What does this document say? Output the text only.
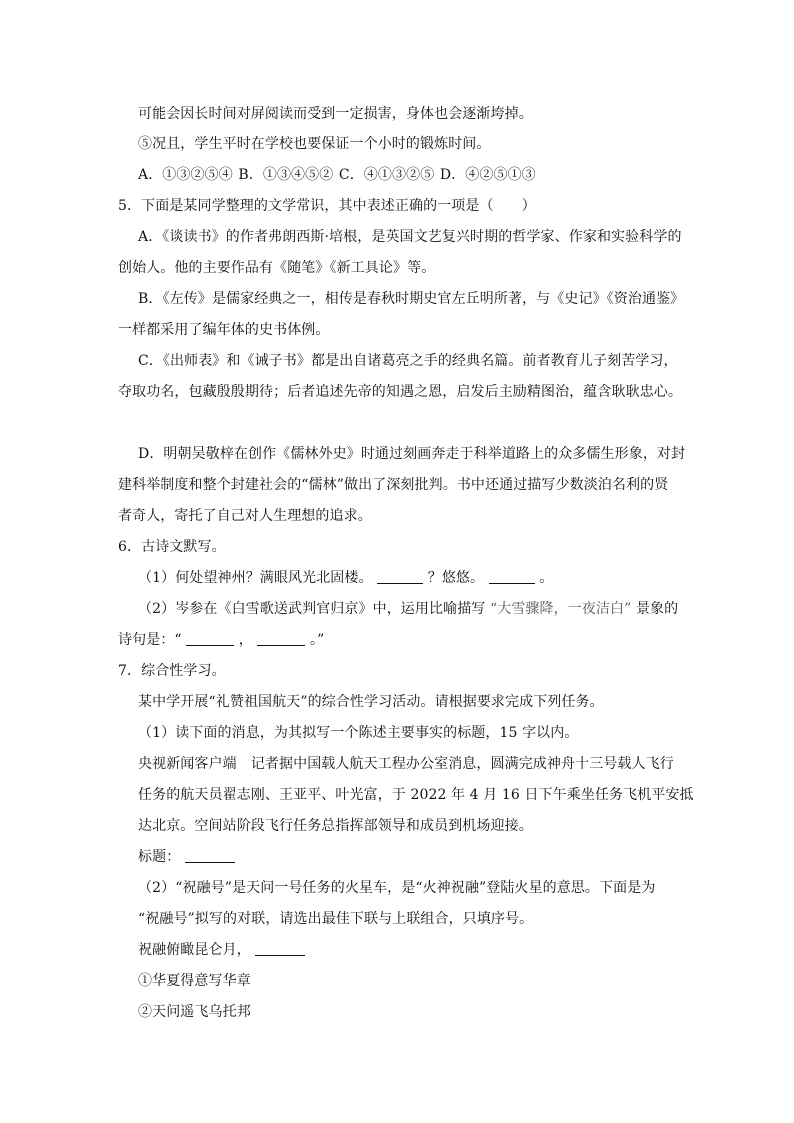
可能会因长时间对屏阅读而受到一定损害，身体也会逐渐垮掉。
⑤况且，学生平时在学校也要保证一个小时的锻炼时间。
A．①③②⑤④ B．①③④⑤② C．④①③②⑤ D．④②⑤①③
5．下面是某同学整理的文学常识，其中表述正确的一项是（　　）
A．《谈读书》的作者弗朗西斯·培根，是英国文艺复兴时期的哲学家、作家和实验科学的
创始人。他的主要作品有《随笔》《新工具论》等。
B．《左传》是儒家经典之一，相传是春秋时期史官左丘明所著，与《史记》《资治通鉴》
一样都采用了编年体的史书体例。
C．《出师表》和《诫子书》都是出自诸葛亮之手的经典名篇。前者教育儿子刻苦学习，
夺取功名，包藏殷殷期待；后者追述先帝的知遇之恩，启发后主励精图治，蕴含耿耿忠心。
D．明朝吴敬梓在创作《儒林外史》时通过刻画奔走于科举道路上的众多儒生形象，对封
建科举制度和整个封建社会的“儒林”做出了深刻批判。书中还通过描写少数淡泊名利的贤
者奇人，寄托了自己对人生理想的追求。
6．古诗文默写。
（1）何处望神州？满眼风光北固楼。	？悠悠。	。
（2）岑参在《白雪歌送武判官归京》中，运用比喻描写 “大雪骤降，一夜洁白” 景象的
诗句是：“	，	。”
7．综合性学习。
某中学开展“礼赞祖国航天”的综合性学习活动。请根据要求完成下列任务。
（1）读下面的消息，为其拟写一个陈述主要事实的标题，15 字以内。
央视新闻客户端　记者据中国载人航天工程办公室消息，圆满完成神舟十三号载人飞行
任务的航天员翟志刚、王亚平、叶光富，于 2022 年 4 月 16 日下午乘坐任务飞机平安抵
达北京。空间站阶段飞行任务总指挥部领导和成员到机场迎接。
标题：
（2）“祝融号”是天问一号任务的火星车，是“火神祝融”登陆火星的意思。下面是为
“祝融号”拟写的对联，请选出最佳下联与上联组合，只填序号。
祝融俯瞰昆仑月，
①华夏得意写华章
②天问遥飞乌托邦
